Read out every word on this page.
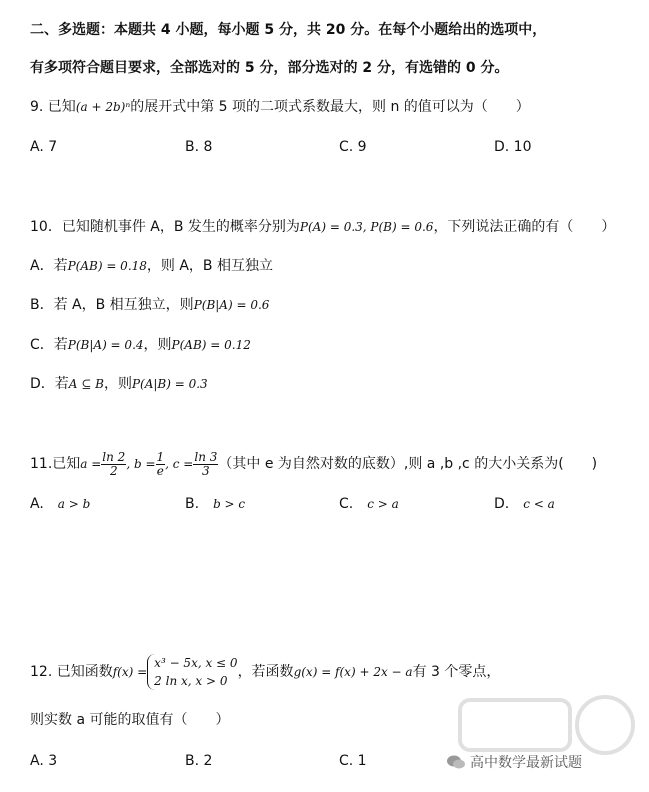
二、多选题：本题共 4 小题，每小题 5 分，共 20 分。在每个小题给出的选项中，
有多项符合题目要求，全部选对的 5 分，部分选对的 2 分，有选错的 0 分。
9. 已知(a + 2b)ⁿ的展开式中第 5 项的二项式系数最大，则 n 的值可以为（　　）
A. 7	B. 8	C. 9	D. 10
10．已知随机事件 A，B 发生的概率分别为P(A) = 0.3, P(B) = 0.6，下列说法正确的有（　　）
A．若P(AB) = 0.18，则 A，B 相互独立
B．若 A，B 相互独立，则P(B|A) = 0.6
C．若P(B|A) = 0.4，则P(AB) = 0.12
D．若A ⊆ B，则P(A|B) = 0.3
11.已知$a = \frac{\ln 2}{2}$ , $b = \frac{1}{e}$ , $c = \frac{\ln 3}{3}$ （其中 e 为自然对数的底数）,则 a ,b ,c 的大小关系为(　　)
A.　 a > b	B.　 b > c	C.　 c > a	D.　 c < a
12. 已知函数f(x) =
x³ − 5x, x ≤ 0
2 ln x, x > 0
，若函数g(x) = f(x) + 2x − a有 3 个零点，
则实数 a 可能的取值有（　　）
A. 3	B. 2	C. 1	高中数学最新试题
